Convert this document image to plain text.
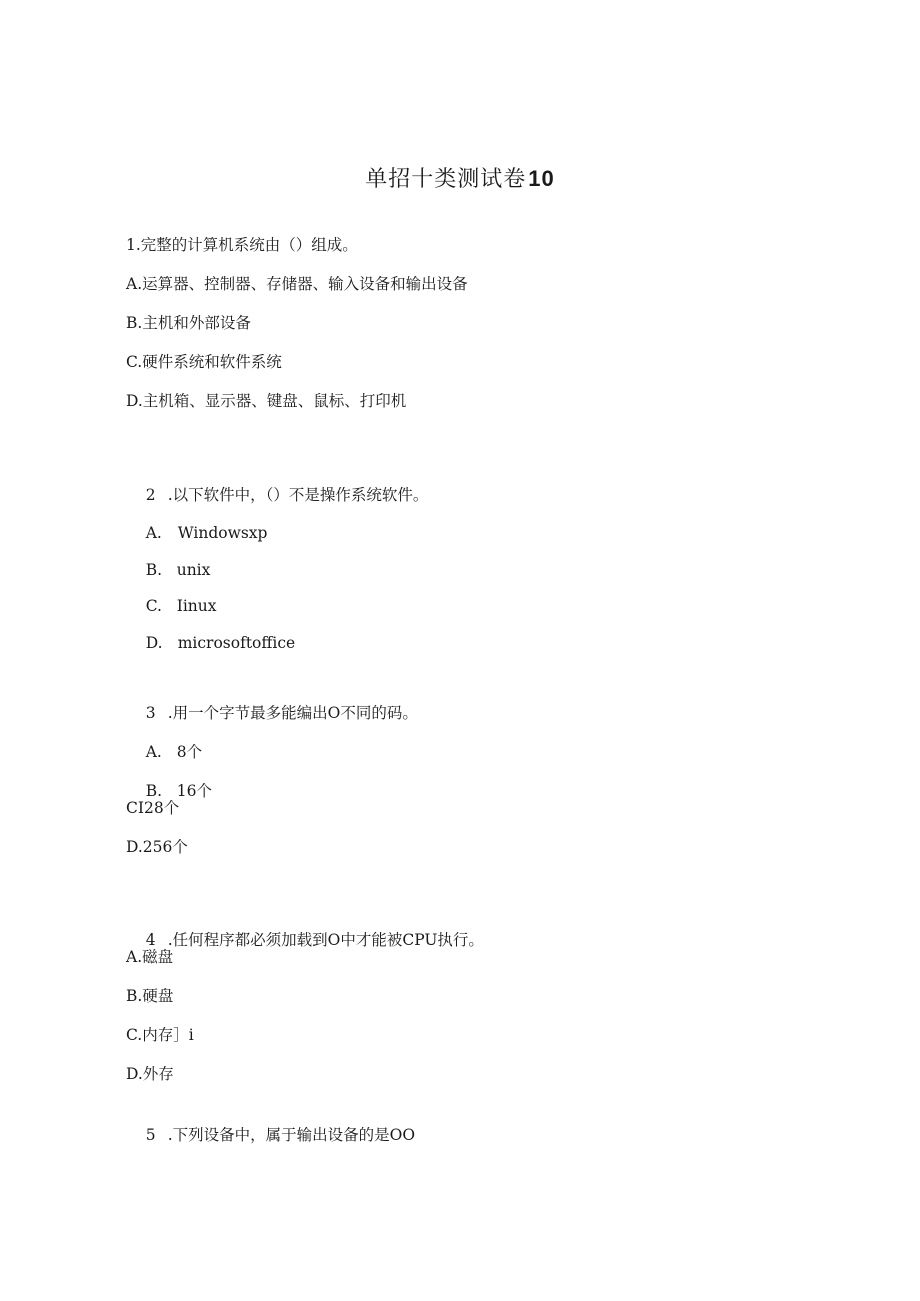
单招十类测试卷10
1.完整的计算机系统由（）组成。
A.运算器、控制器、存储器、输入设备和输出设备
B.主机和外部设备
C.硬件系统和软件系统
D.主机箱、显示器、键盘、鼠标、打印机

2 .以下软件中，（）不是操作系统软件。

A. Windowsxp

B. unix

C. Iinux

D. microsoftoffice

3 .用一个字节最多能编出O不同的码。

A. 8个

B. 16个

CI28个
D.256个

4 .任何程序都必须加载到O中才能被CPU执行。

A.磁盘
B.硬盘
C.内存］i
D.外存

5 .下列设备中，属于输出设备的是OO
